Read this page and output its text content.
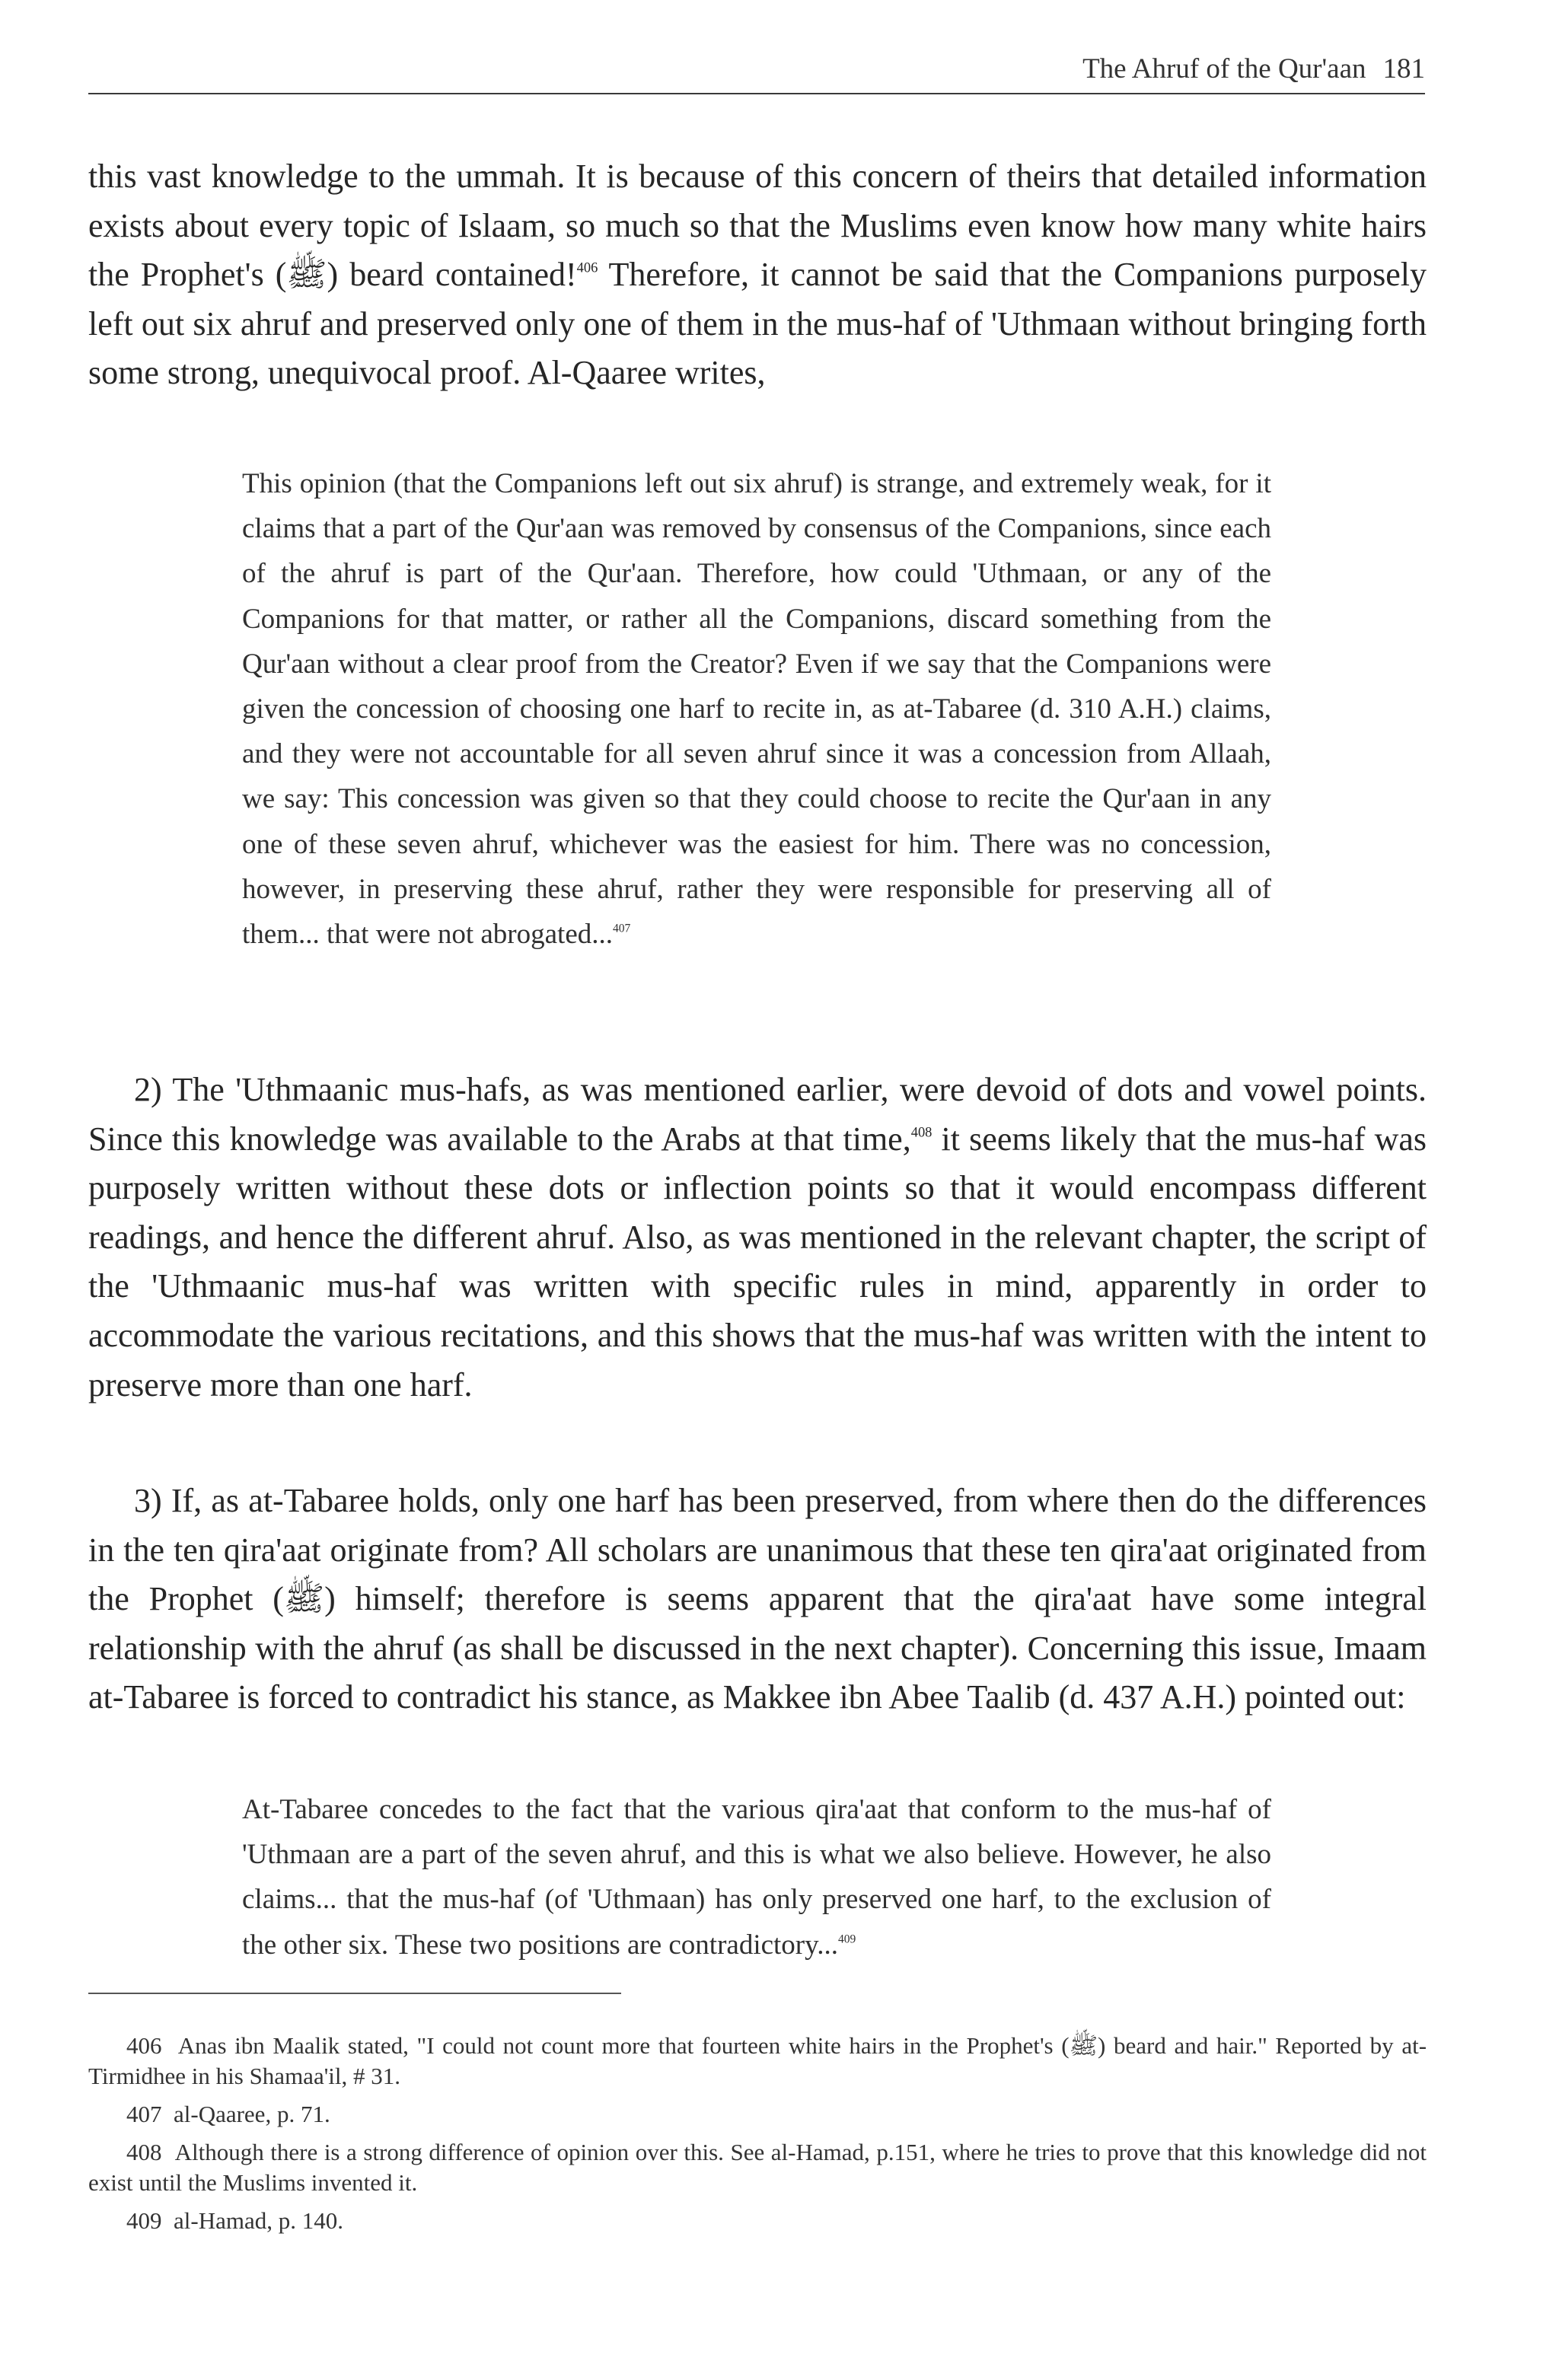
The Ahruf of the Qur'aan 181

this vast knowledge to the ummah. It is because of this concern of theirs that detailed information exists about every topic of Islaam, so much so that the Muslims even know how many white hairs the Prophet's (ﷺ) beard contained!$^{406}$ Therefore, it cannot be said that the Companions purposely left out six ahruf and preserved only one of them in the mus-haf of 'Uthmaan without bringing forth some strong, unequivocal proof. Al-Qaaree writes,

This opinion (that the Companions left out six ahruf) is strange, and extremely weak, for it claims that a part of the Qur'aan was removed by consensus of the Companions, since each of the ahruf is part of the Qur'aan. Therefore, how could 'Uthmaan, or any of the Companions for that matter, or rather all the Companions, discard something from the Qur'aan without a clear proof from the Creator? Even if we say that the Companions were given the concession of choosing one harf to recite in, as at-Tabaree (d. 310 A.H.) claims, and they were not accountable for all seven ahruf since it was a concession from Allaah, we say: This concession was given so that they could choose to recite the Qur'aan in any one of these seven ahruf, whichever was the easiest for him. There was no concession, however, in preserving these ahruf, rather they were responsible for preserving all of them... that were not abrogated...$^{407}$

2) The 'Uthmaanic mus-hafs, as was mentioned earlier, were devoid of dots and vowel points. Since this knowledge was available to the Arabs at that time,$^{408}$ it seems likely that the mus-haf was purposely written without these dots or inflection points so that it would encompass different readings, and hence the different ahruf. Also, as was mentioned in the relevant chapter, the script of the 'Uthmaanic mus-haf was written with specific rules in mind, apparently in order to accommodate the various recitations, and this shows that the mus-haf was written with the intent to preserve more than one harf.

3) If, as at-Tabaree holds, only one harf has been preserved, from where then do the differences in the ten qira'aat originate from? All scholars are unanimous that these ten qira'aat originated from the Prophet (ﷺ) himself; therefore is seems apparent that the qira'aat have some integral relationship with the ahruf (as shall be discussed in the next chapter). Concerning this issue, Imaam at-Tabaree is forced to contradict his stance, as Makkee ibn Abee Taalib (d. 437 A.H.) pointed out:

At-Tabaree concedes to the fact that the various qira'aat that conform to the mus-haf of 'Uthmaan are a part of the seven ahruf, and this is what we also believe. However, he also claims... that the mus-haf (of 'Uthmaan) has only preserved one harf, to the exclusion of the other six. These two positions are contradictory...$^{409}$

406 Anas ibn Maalik stated, "I could not count more that fourteen white hairs in the Prophet's (ﷺ) beard and hair." Reported by at-Tirmidhee in his Shamaa'il, # 31.

407 al-Qaaree, p. 71.

408 Although there is a strong difference of opinion over this. See al-Hamad, p.151, where he tries to prove that this knowledge did not exist until the Muslims invented it.

409 al-Hamad, p. 140.
